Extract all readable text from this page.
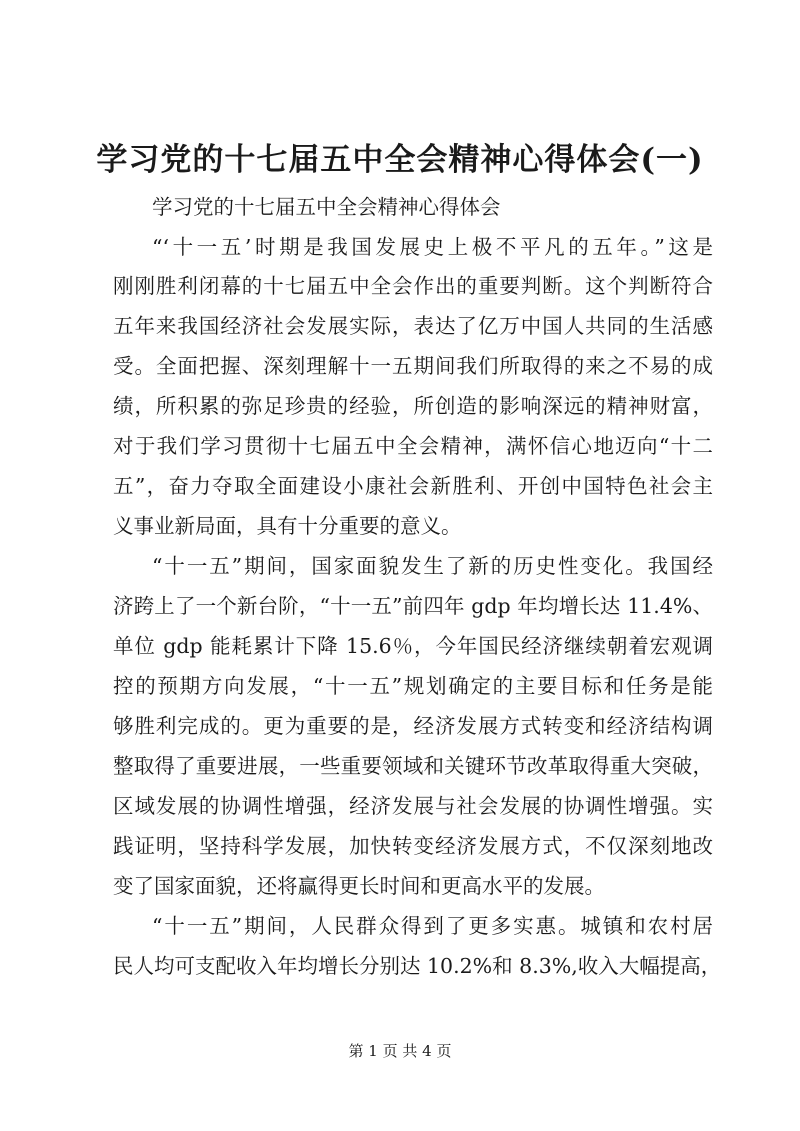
学习党的十七届五中全会精神心得体会(一)
学习党的十七届五中全会精神心得体会
“‘十一五’时期是我国发展史上极不平凡的五年。”这是
刚刚胜利闭幕的十七届五中全会作出的重要判断。这个判断符合
五年来我国经济社会发展实际，表达了亿万中国人共同的生活感
受。全面把握、深刻理解十一五期间我们所取得的来之不易的成
绩，所积累的弥足珍贵的经验，所创造的影响深远的精神财富，
对于我们学习贯彻十七届五中全会精神，满怀信心地迈向“十二
五”，奋力夺取全面建设小康社会新胜利、开创中国特色社会主
义事业新局面，具有十分重要的意义。
“十一五”期间，国家面貌发生了新的历史性变化。我国经
济跨上了一个新台阶，“十一五”前四年 gdp 年均增长达 11.4%、
单位 gdp 能耗累计下降 15.6％，今年国民经济继续朝着宏观调
控的预期方向发展，“十一五”规划确定的主要目标和任务是能
够胜利完成的。更为重要的是，经济发展方式转变和经济结构调
整取得了重要进展，一些重要领域和关键环节改革取得重大突破，
区域发展的协调性增强，经济发展与社会发展的协调性增强。实
践证明，坚持科学发展，加快转变经济发展方式，不仅深刻地改
变了国家面貌，还将赢得更长时间和更高水平的发展。
“十一五”期间，人民群众得到了更多实惠。城镇和农村居
民人均可支配收入年均增长分别达 10.2%和 8.3%,收入大幅提高，
第 1 页 共 4 页
